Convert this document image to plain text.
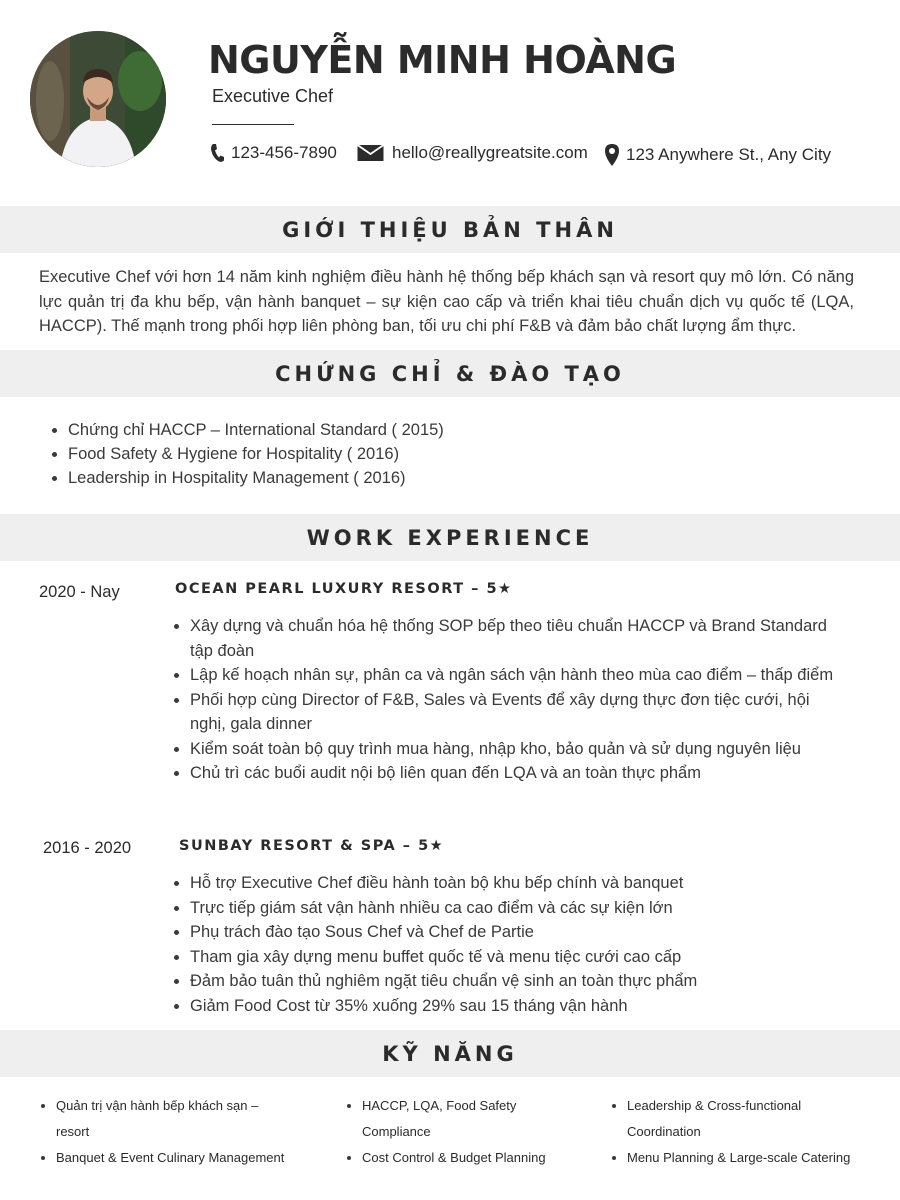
NGUYỄN MINH HOÀNG
Executive Chef
123-456-7890	hello@reallygreatsite.com 123 Anywhere St., Any City
GIỚI THIỆU BẢN THÂN

Executive Chef với hơn 14 năm kinh nghiệm điều hành hệ thống bếp khách sạn và resort quy mô lớn. Có năng lực quản trị đa khu bếp, vận hành banquet – sự kiện cao cấp và triển khai tiêu chuẩn dịch vụ quốc tế (LQA, HACCP). Thế mạnh trong phối hợp liên phòng ban, tối ưu chi phí F&B và đảm bảo chất lượng ẩm thực.

CHỨNG CHỈ & ĐÀO TẠO
• Chứng chỉ HACCP – International Standard ( 2015)
• Food Safety & Hygiene for Hospitality ( 2016)
• Leadership in Hospitality Management ( 2016)
WORK EXPERIENCE
2020 - Nay	OCEAN PEARL LUXURY RESORT – 5★
• Xây dựng và chuẩn hóa hệ thống SOP bếp theo tiêu chuẩn HACCP và Brand Standard tập đoàn
• Lập kế hoạch nhân sự, phân ca và ngân sách vận hành theo mùa cao điểm – thấp điểm
• Phối hợp cùng Director of F&B, Sales và Events để xây dựng thực đơn tiệc cưới, hội nghị, gala dinner
• Kiểm soát toàn bộ quy trình mua hàng, nhập kho, bảo quản và sử dụng nguyên liệu
• Chủ trì các buổi audit nội bộ liên quan đến LQA và an toàn thực phẩm
2016 - 2020	SUNBAY RESORT & SPA – 5★
• Hỗ trợ Executive Chef điều hành toàn bộ khu bếp chính và banquet
• Trực tiếp giám sát vận hành nhiều ca cao điểm và các sự kiện lớn
• Phụ trách đào tạo Sous Chef và Chef de Partie
• Tham gia xây dựng menu buffet quốc tế và menu tiệc cưới cao cấp
• Đảm bảo tuân thủ nghiêm ngặt tiêu chuẩn vệ sinh an toàn thực phẩm
• Giảm Food Cost từ 35% xuống 29% sau 15 tháng vận hành
KỸ NĂNG
• Quản trị vận hành bếp khách sạn – resort
• Banquet & Event Culinary Management
• HACCP, LQA, Food Safety Compliance
• Cost Control & Budget Planning
• Leadership & Cross-functional Coordination
• Menu Planning & Large-scale Catering
